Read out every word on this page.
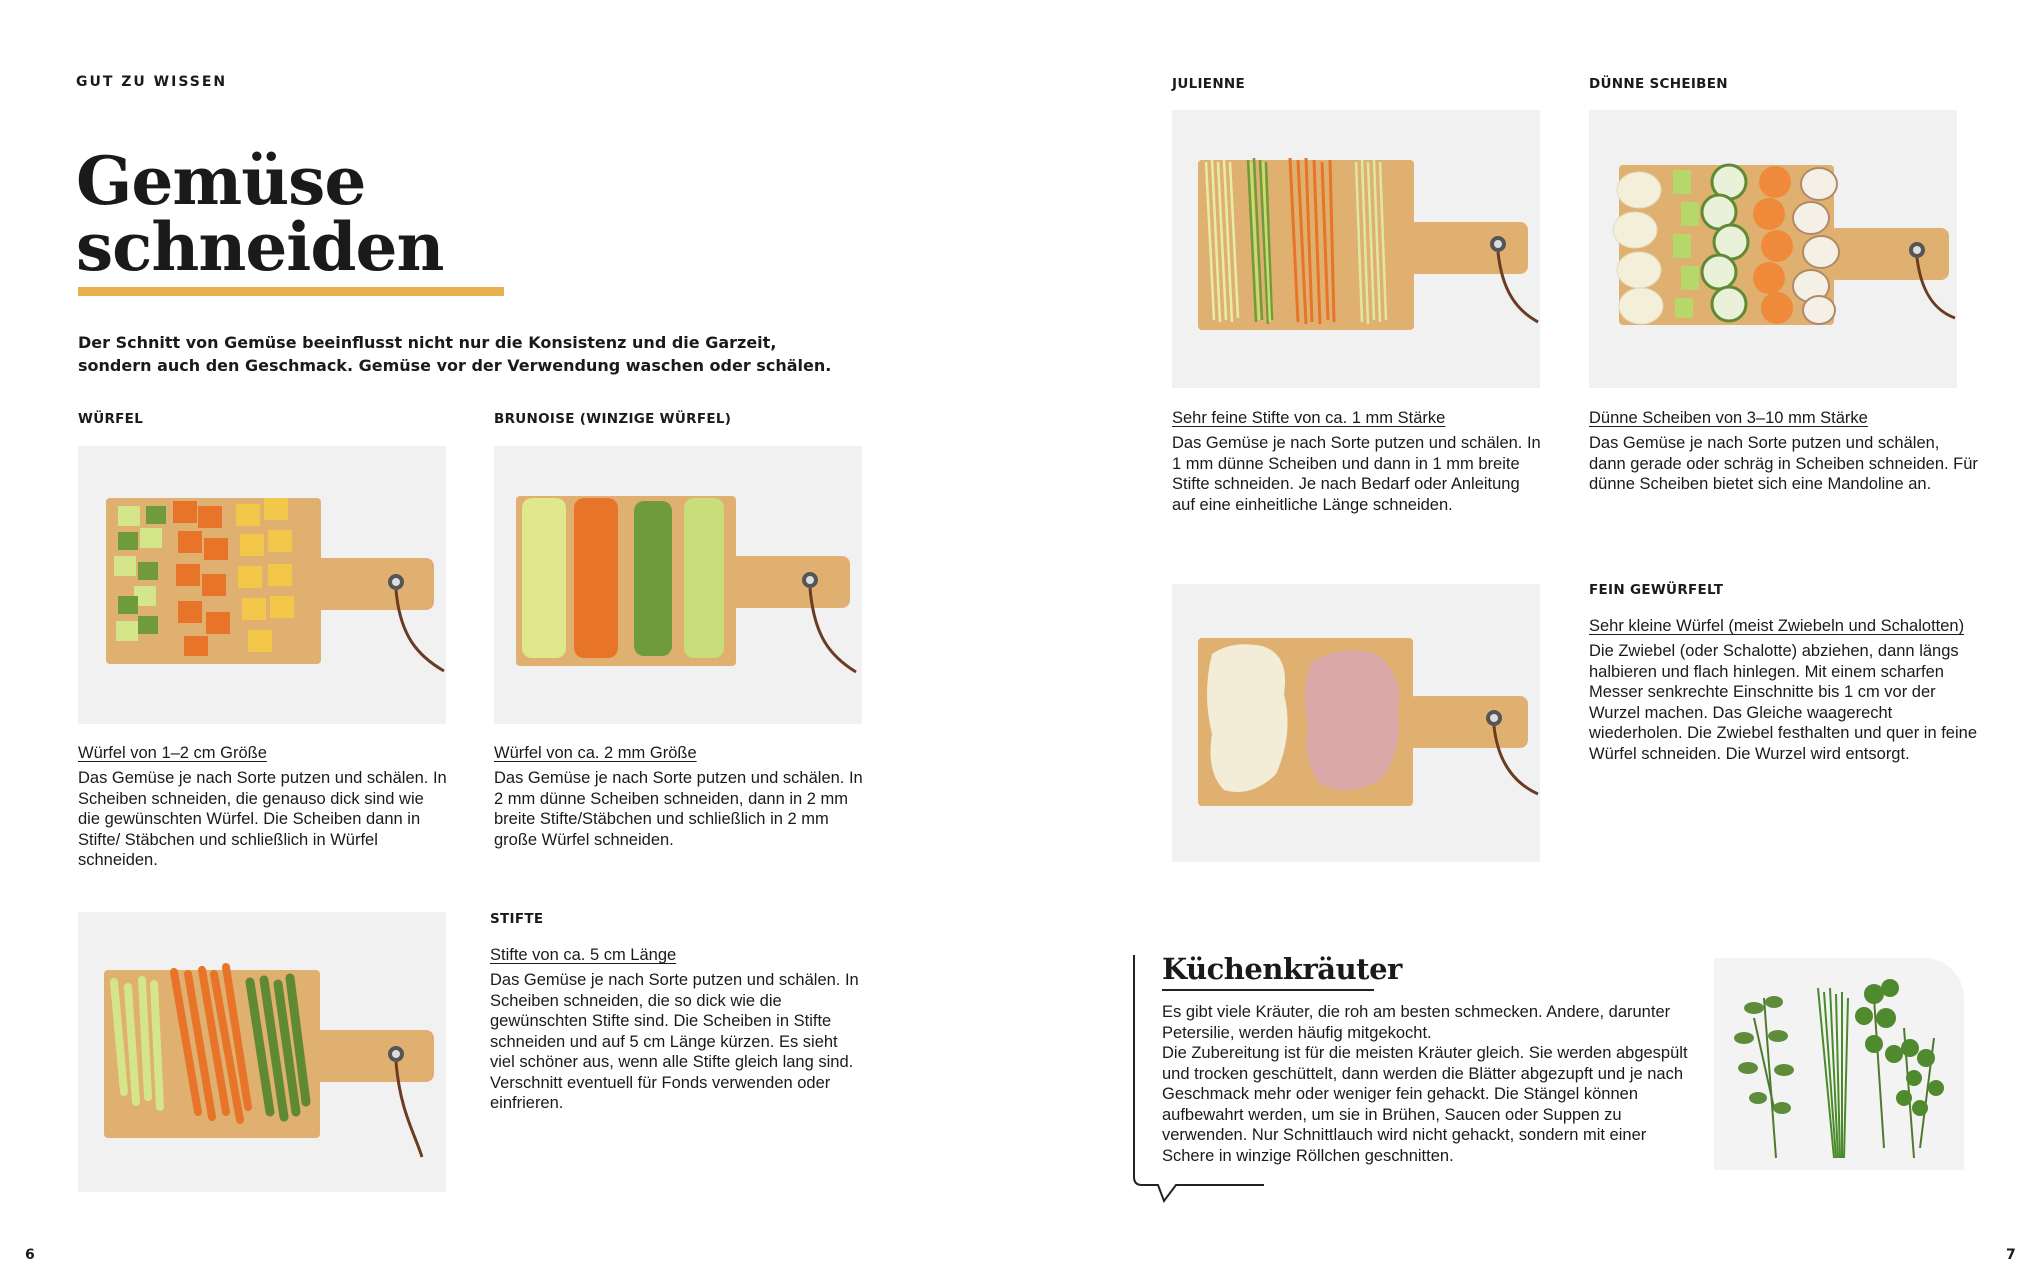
GUT ZU WISSEN
Gemüse
schneiden

Der Schnitt von Gemüse beeinflusst nicht nur die Konsistenz und die Garzeit, sondern auch den Geschmack. Gemüse vor der Verwendung waschen oder schälen.

WÜRFEL
Würfel von 1–2 cm Größe

Das Gemüse je nach Sorte putzen und schälen. In Scheiben schneiden, die genauso dick sind wie die gewünschten Würfel. Die Scheiben dann in Stifte/ Stäbchen und schließlich in Würfel schneiden.

BRUNOISE (WINZIGE WÜRFEL)
Würfel von ca. 2 mm Größe

Das Gemüse je nach Sorte putzen und schälen. In 2 mm dünne Scheiben schneiden, dann in 2 mm breite Stifte/Stäbchen und schließlich in 2 mm große Würfel schneiden.

STIFTE
Stifte von ca. 5 cm Länge

Das Gemüse je nach Sorte putzen und schälen. In Scheiben schneiden, die so dick wie die gewünschten Stifte sind. Die Scheiben in Stifte schneiden und auf 5 cm Länge kürzen. Es sieht viel schöner aus, wenn alle Stifte gleich lang sind. Verschnitt eventuell für Fonds verwenden oder einfrieren.

6
JULIENNE
Sehr feine Stifte von ca. 1 mm Stärke

Das Gemüse je nach Sorte putzen und schälen. In 1 mm dünne Scheiben und dann in 1 mm breite Stifte schneiden. Je nach Bedarf oder Anleitung auf eine einheitliche Länge schneiden.

DÜNNE SCHEIBEN
Dünne Scheiben von 3–10 mm Stärke

Das Gemüse je nach Sorte putzen und schälen, dann gerade oder schräg in Scheiben schneiden. Für dünne Scheiben bietet sich eine Mandoline an.

FEIN GEWÜRFELT
Sehr kleine Würfel (meist Zwiebeln und Schalotten)

Die Zwiebel (oder Schalotte) abziehen, dann längs halbieren und flach hinlegen. Mit einem scharfen Messer senkrechte Einschnitte bis 1 cm vor der Wurzel machen. Das Gleiche waagerecht wiederholen. Die Zwiebel festhalten und quer in feine Würfel schneiden. Die Wurzel wird entsorgt.

Küchenkräuter

Es gibt viele Kräuter, die roh am besten schmecken. Andere, darunter Petersilie, werden häufig mitgekocht.

Die Zubereitung ist für die meisten Kräuter gleich. Sie werden abgespült und trocken geschüttelt, dann werden die Blätter abgezupft und je nach Geschmack mehr oder weniger fein gehackt. Die Stängel können aufbewahrt werden, um sie in Brühen, Saucen oder Suppen zu verwenden. Nur Schnittlauch wird nicht gehackt, sondern mit einer Schere in winzige Röllchen geschnitten.

7
